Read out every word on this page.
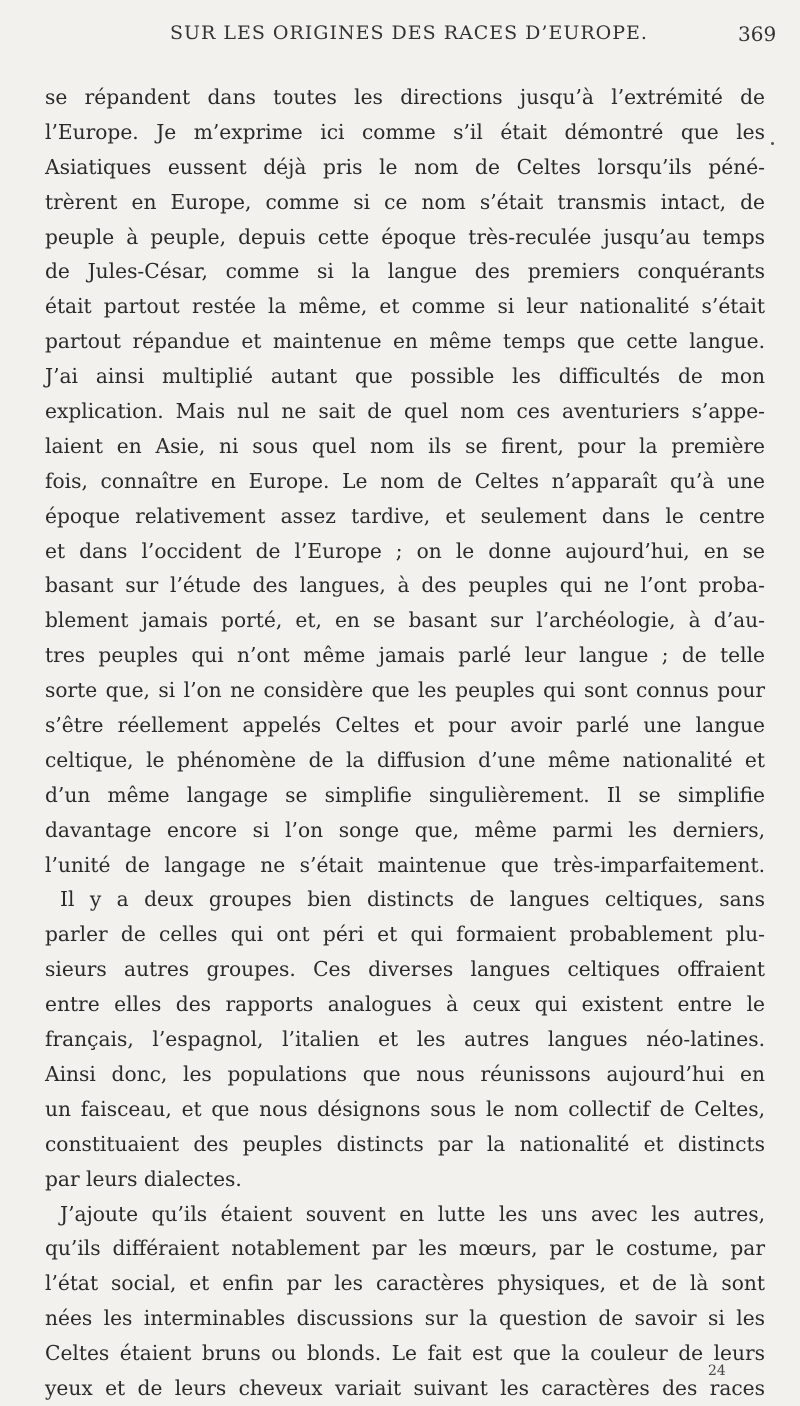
SUR LES ORIGINES DES RACES D’EUROPE.	369
se répandent dans toutes les directions jusqu’à l’extrémité de
l’Europe. Je m’exprime ici comme s’il était démontré que les
Asiatiques eussent déjà pris le nom de Celtes lorsqu’ils péné-
trèrent en Europe, comme si ce nom s’était transmis intact, de
peuple à peuple, depuis cette époque très-reculée jusqu’au temps
de Jules-César, comme si la langue des premiers conquérants
était partout restée la même, et comme si leur nationalité s’était
partout répandue et maintenue en même temps que cette langue.
J’ai ainsi multiplié autant que possible les difficultés de mon
explication. Mais nul ne sait de quel nom ces aventuriers s’appe-
laient en Asie, ni sous quel nom ils se firent, pour la première
fois, connaître en Europe. Le nom de Celtes n’apparaît qu’à une
époque relativement assez tardive, et seulement dans le centre
et dans l’occident de l’Europe ; on le donne aujourd’hui, en se
basant sur l’étude des langues, à des peuples qui ne l’ont proba-
blement jamais porté, et, en se basant sur l’archéologie, à d’au-
tres peuples qui n’ont même jamais parlé leur langue ; de telle
sorte que, si l’on ne considère que les peuples qui sont connus pour
s’être réellement appelés Celtes et pour avoir parlé une langue
celtique, le phénomène de la diffusion d’une même nationalité et
d’un même langage se simplifie singulièrement. Il se simplifie
davantage encore si l’on songe que, même parmi les derniers,
l’unité de langage ne s’était maintenue que très-imparfaitement.
Il y a deux groupes bien distincts de langues celtiques, sans
parler de celles qui ont péri et qui formaient probablement plu-
sieurs autres groupes. Ces diverses langues celtiques offraient
entre elles des rapports analogues à ceux qui existent entre le
français, l’espagnol, l’italien et les autres langues néo-latines.
Ainsi donc, les populations que nous réunissons aujourd’hui en
un faisceau, et que nous désignons sous le nom collectif de Celtes,
constituaient des peuples distincts par la nationalité et distincts
par leurs dialectes.
J’ajoute qu’ils étaient souvent en lutte les uns avec les autres,
qu’ils différaient notablement par les mœurs, par le costume, par
l’état social, et enfin par les caractères physiques, et de là sont
nées les interminables discussions sur la question de savoir si les
Celtes étaient bruns ou blonds. Le fait est que la couleur de leurs
yeux et de leurs cheveux variait suivant les caractères des races
24
